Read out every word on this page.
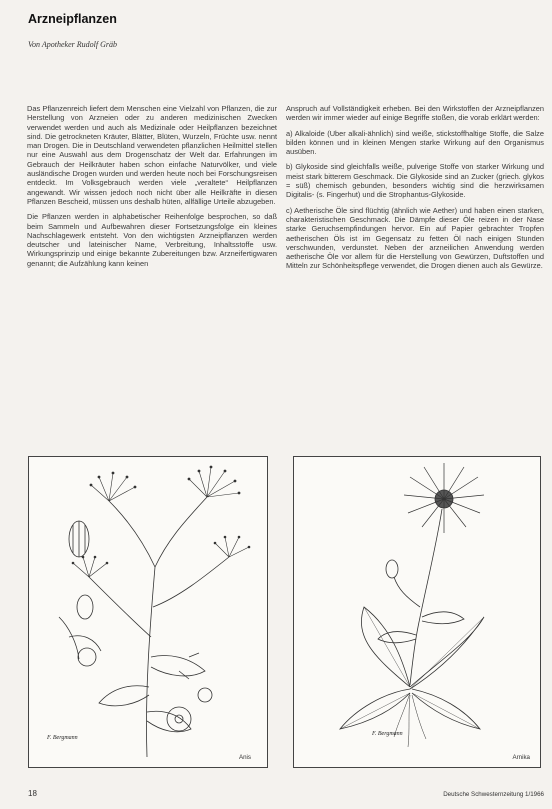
Arzneipflanzen
Von Apotheker Rudolf Gräb

Das Pflanzenreich liefert dem Menschen eine Vielzahl von Pflanzen, die zur Herstellung von Arzneien oder zu anderen medizinischen Zwecken verwendet werden und auch als Medizinale oder Heilpflanzen bezeichnet sind. Die getrockneten Kräuter, Blätter, Blüten, Wurzeln, Früchte usw. nennt man Drogen. Die in Deutschland verwendeten pflanzlichen Heilmittel stellen nur eine Auswahl aus dem Drogenschatz der Welt dar. Erfahrungen im Gebrauch der Heilkräuter haben schon einfache Naturvölker, und viele ausländische Drogen wurden und werden heute noch bei Forschungsreisen entdeckt. Im Volksgebrauch werden viele „veraltete“ Heilpflanzen angewandt. Wir wissen jedoch noch nicht über alle Heilkräfte in diesen Pflanzen Bescheid, müssen uns deshalb hüten, allfällige Urteile abzugeben.

Die Pflanzen werden in alphabetischer Reihenfolge besprochen, so daß beim Sammeln und Aufbewahren dieser Fortsetzungsfolge ein kleines Nachschlagewerk entsteht. Von den wichtigsten Arzneipflanzen werden deutscher und lateinischer Name, Verbreitung, Inhaltsstoffe usw. Wirkungsprinzip und einige bekannte Zubereitungen bzw. Arzneifertigwaren genannt; die Aufzählung kann keinen

Anspruch auf Vollständigkeit erheben. Bei den Wirkstoffen der Arzneipflanzen werden wir immer wieder auf einige Begriffe stoßen, die vorab erklärt werden:

a) Alkaloide (Uber alkali-ähnlich) sind weiße, stickstoffhaltige Stoffe, die Salze bilden können und in kleinen Mengen starke Wirkung auf den Organismus ausüben.

b) Glykoside sind gleichfalls weiße, pulverige Stoffe von starker Wirkung und meist stark bitterem Geschmack. Die Glykoside sind an Zucker (griech. glykos = süß) chemisch gebunden, besonders wichtig sind die herzwirksamen Digitalis- (s. Fingerhut) und die Strophantus-Glykoside.

c) Aetherische Öle sind flüchtig (ähnlich wie Aether) und haben einen starken, charakteristischen Geschmack. Die Dämpfe dieser Öle reizen in der Nase starke Geruchsempfindungen hervor. Ein auf Papier gebrachter Tropfen aetherischen Öls ist im Gegensatz zu fetten Öl nach einigen Stunden verschwunden, verdunstet. Neben der arzneilichen Anwendung werden aetherische Öle vor allem für die Herstellung von Gewürzen, Duftstoffen und Mitteln zur Schönheitspflege verwendet, die Drogen dienen auch als Gewürze.

F. Bergmann
Anis
F. Bergmann
Arnika
18	Deutsche Schwesternzeitung 1/1966
